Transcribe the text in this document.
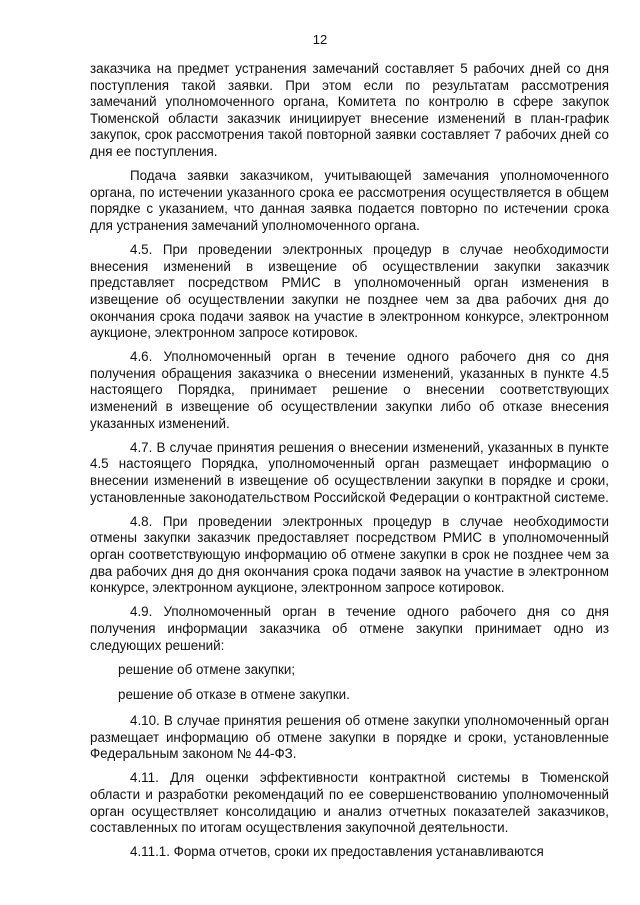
12

заказчика на предмет устранения замечаний составляет 5 рабочих дней со дня поступления такой заявки. При этом если по результатам рассмотрения замечаний уполномоченного органа, Комитета по контролю в сфере закупок Тюменской области заказчик инициирует внесение изменений в план-график закупок, срок рассмотрения такой повторной заявки составляет 7 рабочих дней со дня ее поступления.

Подача заявки заказчиком, учитывающей замечания уполномоченного органа, по истечении указанного срока ее рассмотрения осуществляется в общем порядке с указанием, что данная заявка подается повторно по истечении срока для устранения замечаний уполномоченного органа.

4.5. При проведении электронных процедур в случае необходимости внесения изменений в извещение об осуществлении закупки заказчик представляет посредством РМИС в уполномоченный орган изменения в извещение об осуществлении закупки не позднее чем за два рабочих дня до окончания срока подачи заявок на участие в электронном конкурсе, электронном аукционе, электронном запросе котировок.

4.6. Уполномоченный орган в течение одного рабочего дня со дня получения обращения заказчика о внесении изменений, указанных в пункте 4.5 настоящего Порядка, принимает решение о внесении соответствующих изменений в извещение об осуществлении закупки либо об отказе внесения указанных изменений.

4.7. В случае принятия решения о внесении изменений, указанных в пункте 4.5 настоящего Порядка, уполномоченный орган размещает информацию о внесении изменений в извещение об осуществлении закупки в порядке и сроки, установленные законодательством Российской Федерации о контрактной системе.

4.8. При проведении электронных процедур в случае необходимости отмены закупки заказчик предоставляет посредством РМИС в уполномоченный орган соответствующую информацию об отмене закупки в срок не позднее чем за два рабочих дня до дня окончания срока подачи заявок на участие в электронном конкурсе, электронном аукционе, электронном запросе котировок.

4.9. Уполномоченный орган в течение одного рабочего дня со дня получения информации заказчика об отмене закупки принимает одно из следующих решений:

решение об отмене закупки;

решение об отказе в отмене закупки.

4.10. В случае принятия решения об отмене закупки уполномоченный орган размещает информацию об отмене закупки в порядке и сроки, установленные Федеральным законом № 44-ФЗ.

4.11. Для оценки эффективности контрактной системы в Тюменской области и разработки рекомендаций по ее совершенствованию уполномоченный орган осуществляет консолидацию и анализ отчетных показателей заказчиков, составленных по итогам осуществления закупочной деятельности.

4.11.1. Форма отчетов, сроки их предоставления устанавливаются
